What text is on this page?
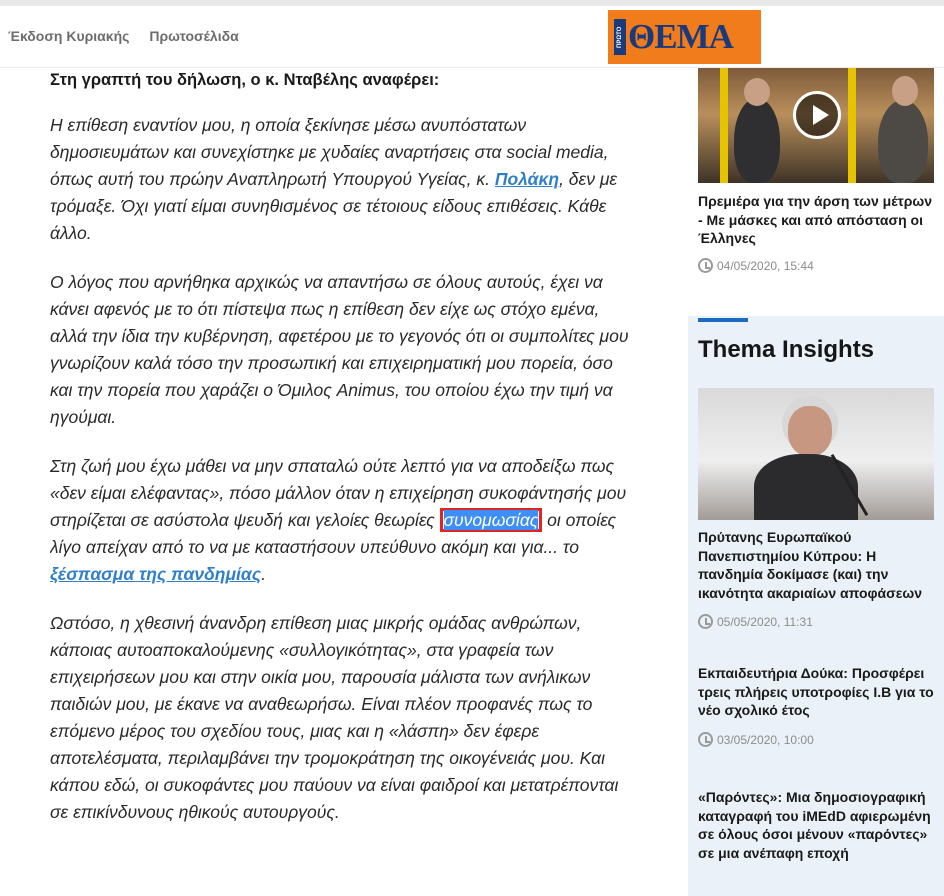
Έκδοση Κυριακής Πρωτοσέλιδα	ΠΡΩΤΟ ΘΕΜΑ

Στη γραπτή του δήλωση, ο κ. Νταβέλης αναφέρει:

Η επίθεση εναντίον μου, η οποία ξεκίνησε μέσω ανυπόστατων δημοσιευμάτων και συνεχίστηκε με χυδαίες αναρτήσεις στα social media, όπως αυτή του πρώην Αναπληρωτή Υπουργού Υγείας, κ. Πολάκη, δεν με τρόμαξε. Όχι γιατί είμαι συνηθισμένος σε τέτοιους είδους επιθέσεις. Κάθε άλλο.

Ο λόγος που αρνήθηκα αρχικώς να απαντήσω σε όλους αυτούς, έχει να κάνει αφενός με το ότι πίστεψα πως η επίθεση δεν είχε ως στόχο εμένα, αλλά την ίδια την κυβέρνηση, αφετέρου με το γεγονός ότι οι συμπολίτες μου γνωρίζουν καλά τόσο την προσωπική και επιχειρηματική μου πορεία, όσο και την πορεία που χαράζει ο Όμιλος Animus, του οποίου έχω την τιμή να ηγούμαι.

Στη ζωή μου έχω μάθει να μην σπαταλώ ούτε λεπτό για να αποδείξω πως «δεν είμαι ελέφαντας», πόσο μάλλον όταν η επιχείρηση συκοφάντησής μου στηρίζεται σε ασύστολα ψευδή και γελοίες θεωρίες συνομωσίας οι οποίες λίγο απείχαν από το να με καταστήσουν υπεύθυνο ακόμη και για... το ξέσπασμα της πανδημίας.

Ωστόσο, η χθεσινή άνανδρη επίθεση μιας μικρής ομάδας ανθρώπων, κάποιας αυτοαποκαλούμενης «συλλογικότητας», στα γραφεία των επιχειρήσεων μου και στην οικία μου, παρουσία μάλιστα των ανήλικων παιδιών μου, με έκανε να αναθεωρήσω. Είναι πλέον προφανές πως το επόμενο μέρος του σχεδίου τους, μιας και η «λάσπη» δεν έφερε αποτελέσματα, περιλαμβάνει την τρομοκράτηση της οικογένειάς μου. Και κάπου εδώ, οι συκοφάντες μου παύουν να είναι φαιδροί και μετατρέπονται σε επικίνδυνους ηθικούς αυτουργούς.

Πρεμιέρα για την άρση των μέτρων - Με μάσκες και από απόσταση οι Έλληνες
04/05/2020, 15:44
Thema Insights
Πρύτανης Ευρωπαϊκού Πανεπιστημίου Κύπρου: Η πανδημία δοκίμασε (και) την ικανότητα ακαριαίων αποφάσεων
05/05/2020, 11:31
Εκπαιδευτήρια Δούκα: Προσφέρει τρεις πλήρεις υποτροφίες Ι.Β για το νέο σχολικό έτος
03/05/2020, 10:00
«Παρόντες»: Μια δημοσιογραφική καταγραφή του iMEdD αφιερωμένη σε όλους όσοι μένουν «παρόντες» σε μια ανέπαφη εποχή
